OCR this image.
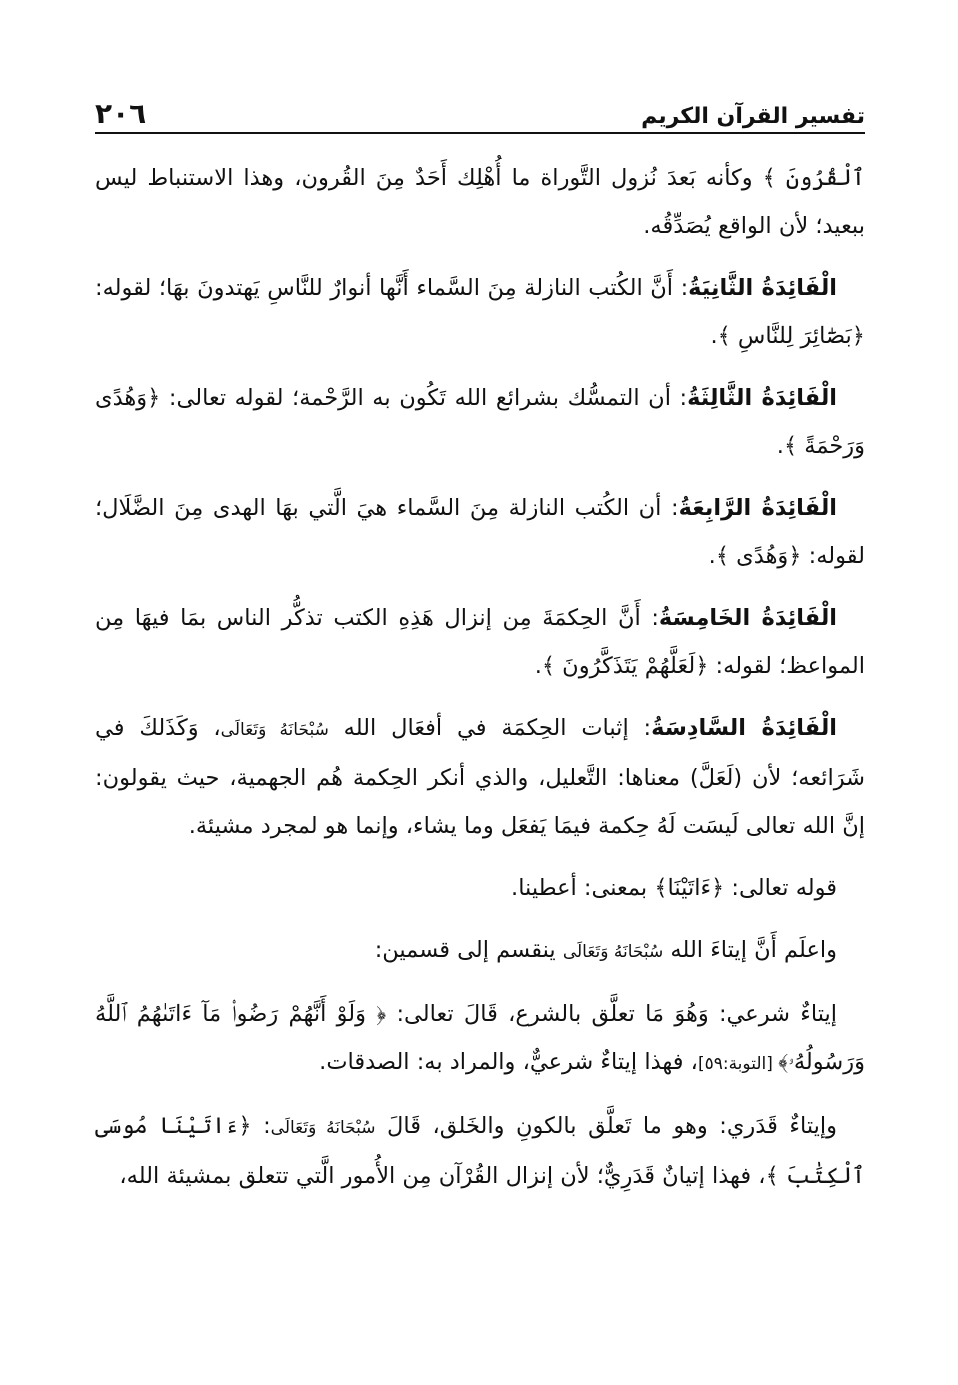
تفسير القرآن الكريم
٢٠٦

ٱلْقُرُونَ ﴾ وكأنه بَعدَ نُزول التَّوراة ما أُهْلِك أَحَدٌ مِنَ القُرون، وهذا الاستنباط ليس ببعيد؛ لأن الواقع يُصَدِّقُه.

الْفَائِدَةُ الثَّانِيَةُ: أَنَّ الكُتب النازلة مِنَ السَّماء أَنَّها أنوارٌ للنَّاسِ يَهتدونَ بهَا؛ لقوله: ﴿بَصَٰٓائِرَ لِلنَّاسِ ﴾.

الْفَائِدَةُ الثَّالِثَةُ: أن التمسُّك بشرائع الله تَكُون به الرَّحْمة؛ لقوله تعالى: ﴿وَهُدًى وَرَحْمَةً ﴾.

الْفَائِدَةُ الرَّابِعَةُ: أن الكُتب النازلة مِنَ السَّماء هيَ الَّتي بهَا الهدى مِنَ الضَّلَال؛ لقوله: ﴿وَهُدًى ﴾.

الْفَائِدَةُ الخَامِسَةُ: أَنَّ الحِكمَةَ مِن إنزال هَذِهِ الكتب تذكُّر الناس بمَا فيهَا مِن المواعظ؛ لقوله: ﴿لَعَلَّهُمْ يَتَذَكَّرُونَ ﴾.

الْفَائِدَةُ السَّادِسَةُ: إثبات الحِكمَة في أفعَال الله سُبْحَانَهُ وَتَعَالَى، وَكَذَلكَ في شَرَائعه؛ لأن (لَعَلَّ) معناها: التَّعليل، والذي أنكر الحِكمة هُم الجهمية، حيث يقولون: إنَّ الله تعالى لَيسَت لَهُ حِكمة فيمَا يَفعَل وما يشاء، وإنما هو لمجرد مشيئة.

قوله تعالى: ﴿ءَاتَيْنَا﴾ بمعنى: أعطينا.

واعلَم أَنَّ إيتاءَ الله سُبْحَانَهُ وَتَعَالَى ينقسم إلى قسمين:

إيتاءٌ شرعي: وَهُوَ مَا تعلَّق بالشرع، قَالَ تعالى: ﴿ وَلَوْ أَنَّهُمْ رَضُوا۟ مَآ ءَاتَىٰهُمُ ٱللَّهُ وَرَسُولُهُۥ﴾ [التوبة:٥٩]، فهذا إيتاءٌ شرعيٌّ، والمراد به: الصدقات.

وإيتاءٌ قَدَري: وهو ما تَعلَّق بالكونِ والخَلق، قَالَ سُبْحَانَهُ وَتَعَالَى: ﴿ءَاتَيْنَا مُوسَى ٱلْكِتَٰبَ ﴾، فهذا إتيانٌ قَدَرِيٌّ؛ لأن إنزال القُرْآن مِن الأُمور الَّتي تتعلق بمشيئة الله،
